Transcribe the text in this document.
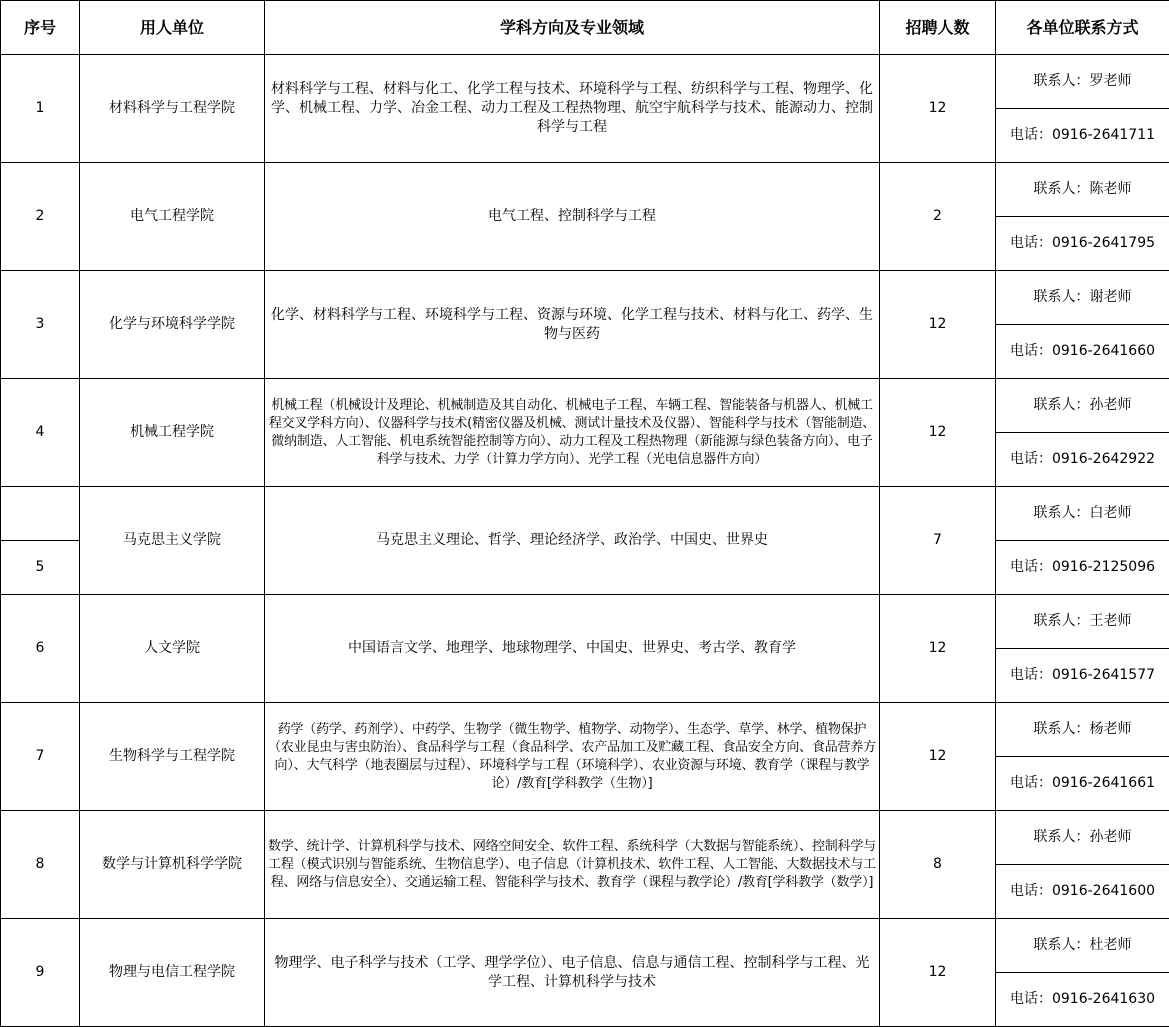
序号	用人单位	学科方向及专业领域	招聘人数	各单位联系方式
1	材料科学与工程学院	材料科学与工程、材料与化工、化学工程与技术、环境科学与工程、纺织科学与工程、物理学、化学、机械工程、力学、冶金工程、动力工程及工程热物理、航空宇航科学与技术、能源动力、控制科学与工程	12	联系人：罗老师
				电话：0916-2641711
2	电气工程学院	电气工程、控制科学与工程	2	联系人：陈老师
				电话：0916-2641795
3	化学与环境科学学院	化学、材料科学与工程、环境科学与工程、资源与环境、化学工程与技术、材料与化工、药学、生物与医药	12	联系人：谢老师
				电话：0916-2641660
4	机械工程学院	机械工程（机械设计及理论、机械制造及其自动化、机械电子工程、车辆工程、智能装备与机器人、机械工程交叉学科方向）、仪器科学与技术(精密仪器及机械、测试计量技术及仪器）、智能科学与技术（智能制造、微纳制造、人工智能、机电系统智能控制等方向）、动力工程及工程热物理（新能源与绿色装备方向）、电子科学与技术、力学（计算力学方向）、光学工程（光电信息器件方向）	12	联系人：孙老师
				电话：0916-2642922
	马克思主义学院	马克思主义理论、哲学、理论经济学、政治学、中国史、世界史	7	联系人：白老师
5				电话：0916-2125096
6	人文学院	中国语言文学、地理学、地球物理学、中国史、世界史、考古学、教育学	12	联系人：王老师
				电话：0916-2641577
7	生物科学与工程学院	药学（药学、药剂学）、中药学、生物学（微生物学、植物学、动物学）、生态学、草学、林学、植物保护（农业昆虫与害虫防治）、食品科学与工程（食品科学、农产品加工及贮藏工程、食品安全方向、食品营养方向）、大气科学（地表圈层与过程）、环境科学与工程（环境科学）、农业资源与环境、教育学（课程与教学论）/教育[学科教学（生物）]	12	联系人：杨老师
				电话：0916-2641661
8	数学与计算机科学学院	数学、统计学、计算机科学与技术、网络空间安全、软件工程、系统科学（大数据与智能系统）、控制科学与工程（模式识别与智能系统、生物信息学）、电子信息（计算机技术、软件工程、人工智能、大数据技术与工程、网络与信息安全）、交通运输工程、智能科学与技术、教育学（课程与教学论）/教育[学科教学（数学）]	8	联系人：孙老师
				电话：0916-2641600
9	物理与电信工程学院	物理学、电子科学与技术（工学、理学学位）、电子信息、信息与通信工程、控制科学与工程、光学工程、计算机科学与技术	12	联系人：杜老师
				电话：0916-2641630
